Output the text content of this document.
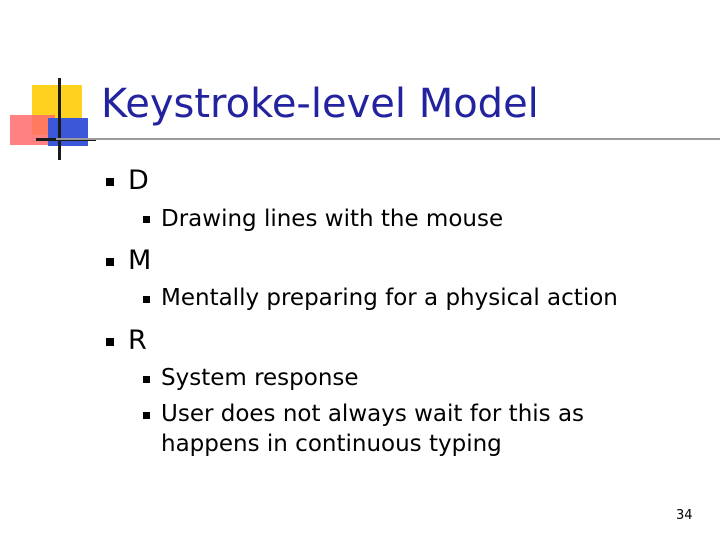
Keystroke-level Model
D
Drawing lines with the mouse
M
Mentally preparing for a physical action
R
System response
User does not always wait for this as
happens in continuous typing
34
